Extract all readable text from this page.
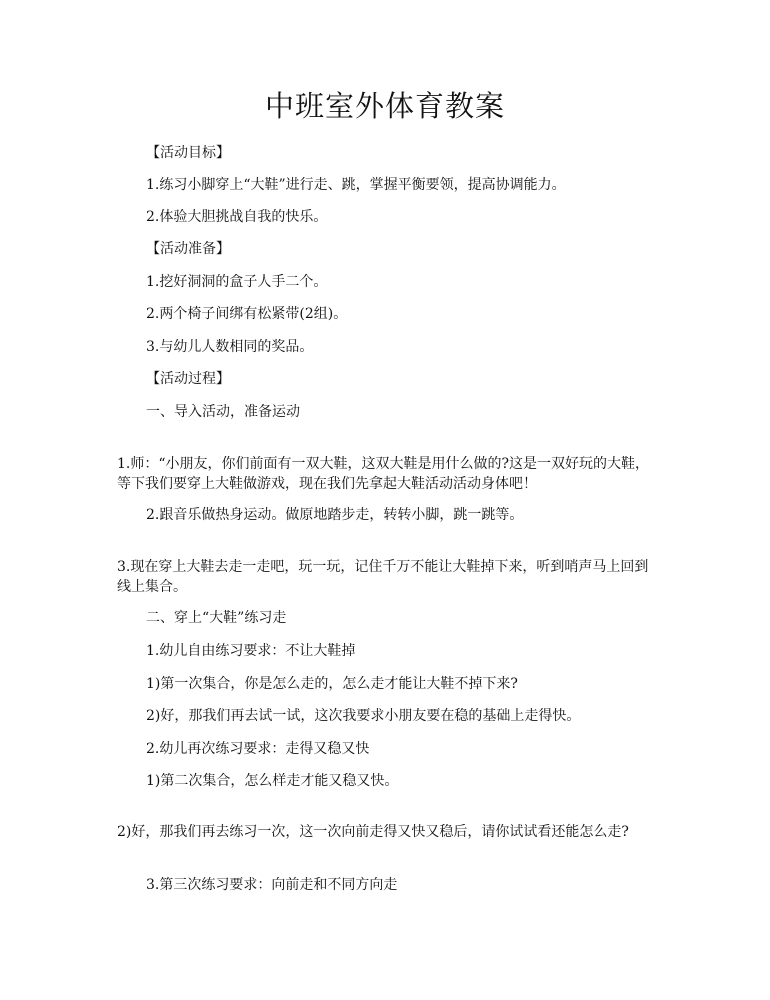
中班室外体育教案

【活动目标】

1.练习小脚穿上“大鞋”进行走、跳，掌握平衡要领，提高协调能力。

2.体验大胆挑战自我的快乐。

【活动准备】

1.挖好洞洞的盒子人手二个。

2.两个椅子间绑有松紧带(2组)。

3.与幼儿人数相同的奖品。

【活动过程】

一、导入活动，准备运动

1.师：“小朋友，你们前面有一双大鞋，这双大鞋是用什么做的?这是一双好玩的大鞋，等下我们要穿上大鞋做游戏，现在我们先拿起大鞋活动活动身体吧！

2.跟音乐做热身运动。做原地踏步走，转转小脚，跳一跳等。

3.现在穿上大鞋去走一走吧，玩一玩，记住千万不能让大鞋掉下来，听到哨声马上回到线上集合。

二、穿上“大鞋”练习走

1.幼儿自由练习要求：不让大鞋掉

1)第一次集合，你是怎么走的，怎么走才能让大鞋不掉下来?

2)好，那我们再去试一试，这次我要求小朋友要在稳的基础上走得快。

2.幼儿再次练习要求：走得又稳又快

1)第二次集合，怎么样走才能又稳又快。

2)好，那我们再去练习一次，这一次向前走得又快又稳后，请你试试看还能怎么走?

3.第三次练习要求：向前走和不同方向走
